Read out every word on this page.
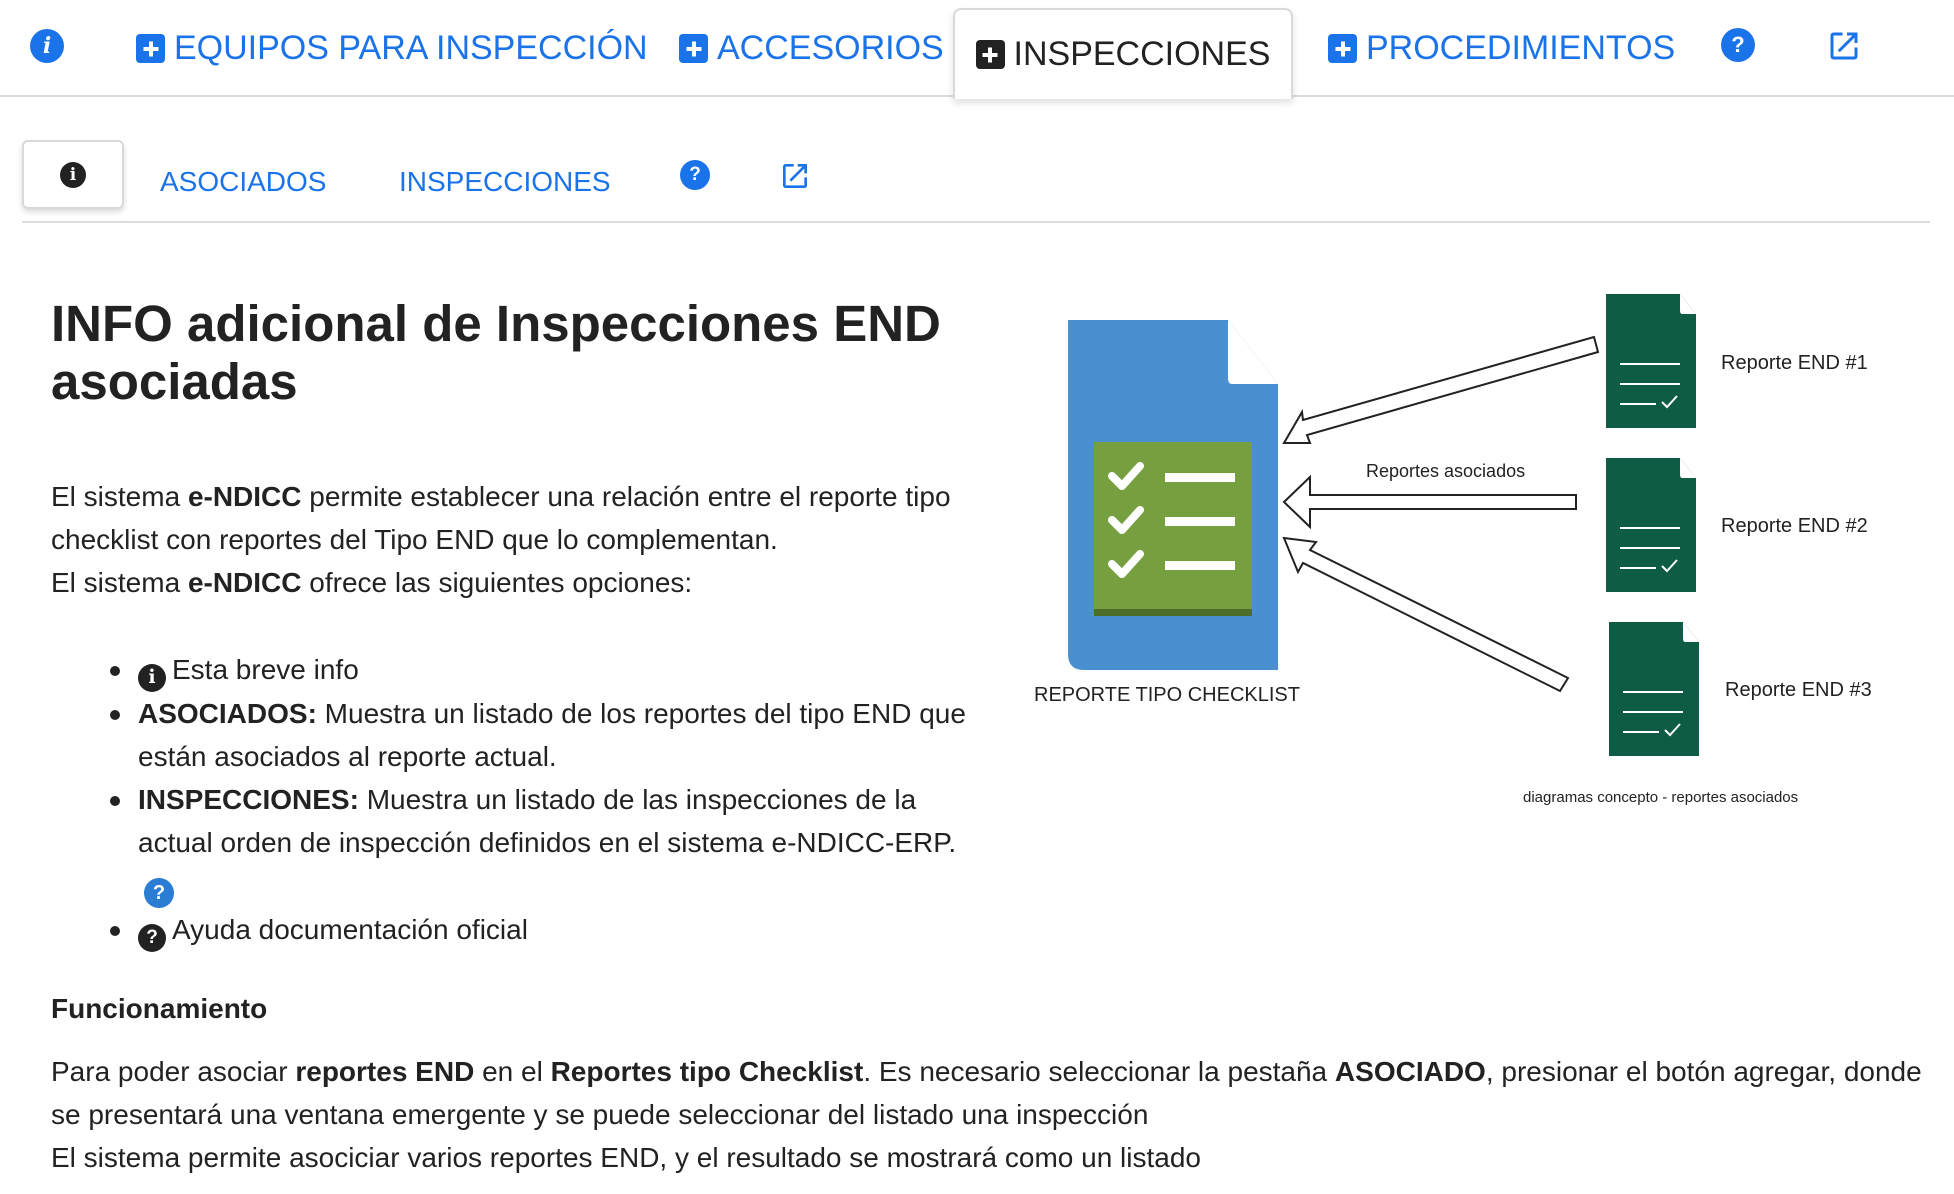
i	EQUIPOS PARA INSPECCIÓN ACCESORIOS INSPECCIONES	PROCEDIMIENTOS	?
i	ASOCIADOS	INSPECCIONES	?
INFO adicional de Inspecciones END asociadas

El sistema e-NDICC permite establecer una relación entre el reporte tipo checklist con reportes del Tipo END que lo complementan.
El sistema e-NDICC ofrece las siguientes opciones:

i Esta breve info
ASOCIADOS: Muestra un listado de los reportes del tipo END que están asociados al reporte actual.
INSPECCIONES: Muestra un listado de las inspecciones de la actual orden de inspección definidos en el sistema e-NDICC-ERP.?
? Ayuda documentación oficial
Funcionamiento

Para poder asociar reportes END en el Reportes tipo Checklist. Es necesario seleccionar la pestaña ASOCIADO, presionar el botón agregar, donde se presentará una ventana emergente y se puede seleccionar del listado una inspección
El sistema permite asociciar varios reportes END, y el resultado se mostrará como un listado

Reporte END #1
Reporte END #2
Reporte END #3
Reportes asociados
REPORTE TIPO CHECKLIST
diagramas concepto - reportes asociados
